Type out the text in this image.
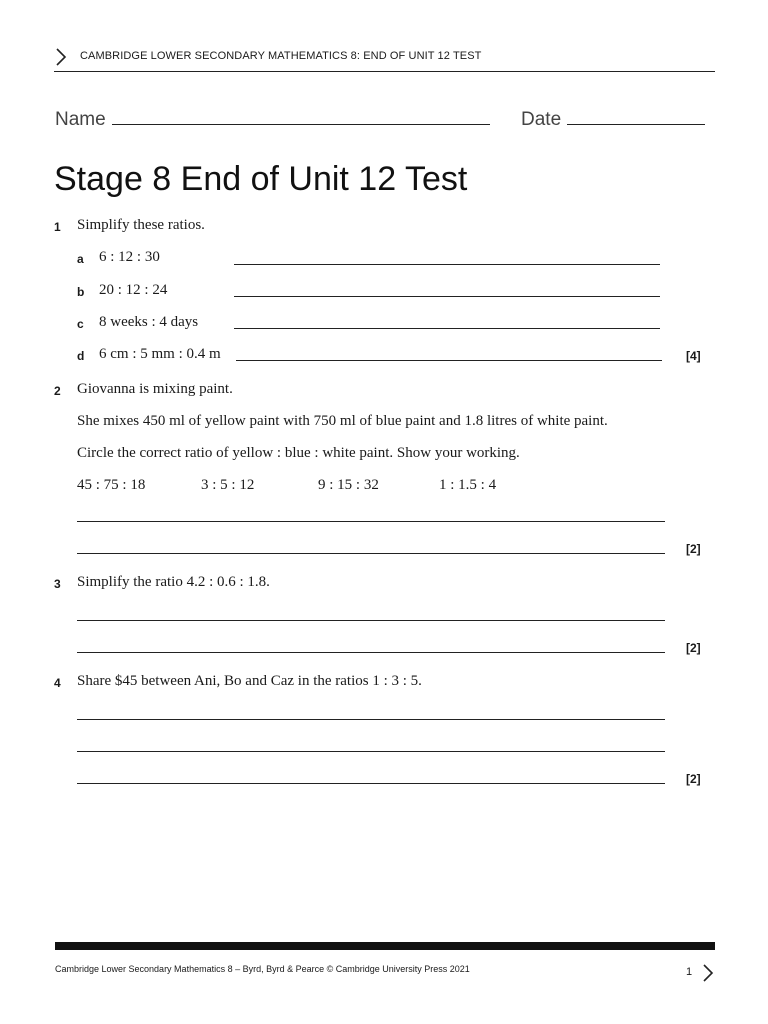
CAMBRIDGE LOWER SECONDARY MATHEMATICS 8: END OF UNIT 12 TEST
Name	Date
Stage 8 End of Unit 12 Test
1 Simplify these ratios.
a 6 : 12 : 30
b 20 : 12 : 24
c 8 weeks : 4 days
d 6 cm : 5 mm : 0.4 m	[4]
2 Giovanna is mixing paint.
She mixes 450 ml of yellow paint with 750 ml of blue paint and 1.8 litres of white paint.
Circle the correct ratio of yellow : blue : white paint. Show your working.
45 : 75 : 18	3 : 5 : 12	9 : 15 : 32	1 : 1.5 : 4
[2]
3 Simplify the ratio 4.2 : 0.6 : 1.8.
[2]
4 Share $45 between Ani, Bo and Caz in the ratios 1 : 3 : 5.
[2]
Cambridge Lower Secondary Mathematics 8 – Byrd, Byrd & Pearce © Cambridge University Press 2021	1
